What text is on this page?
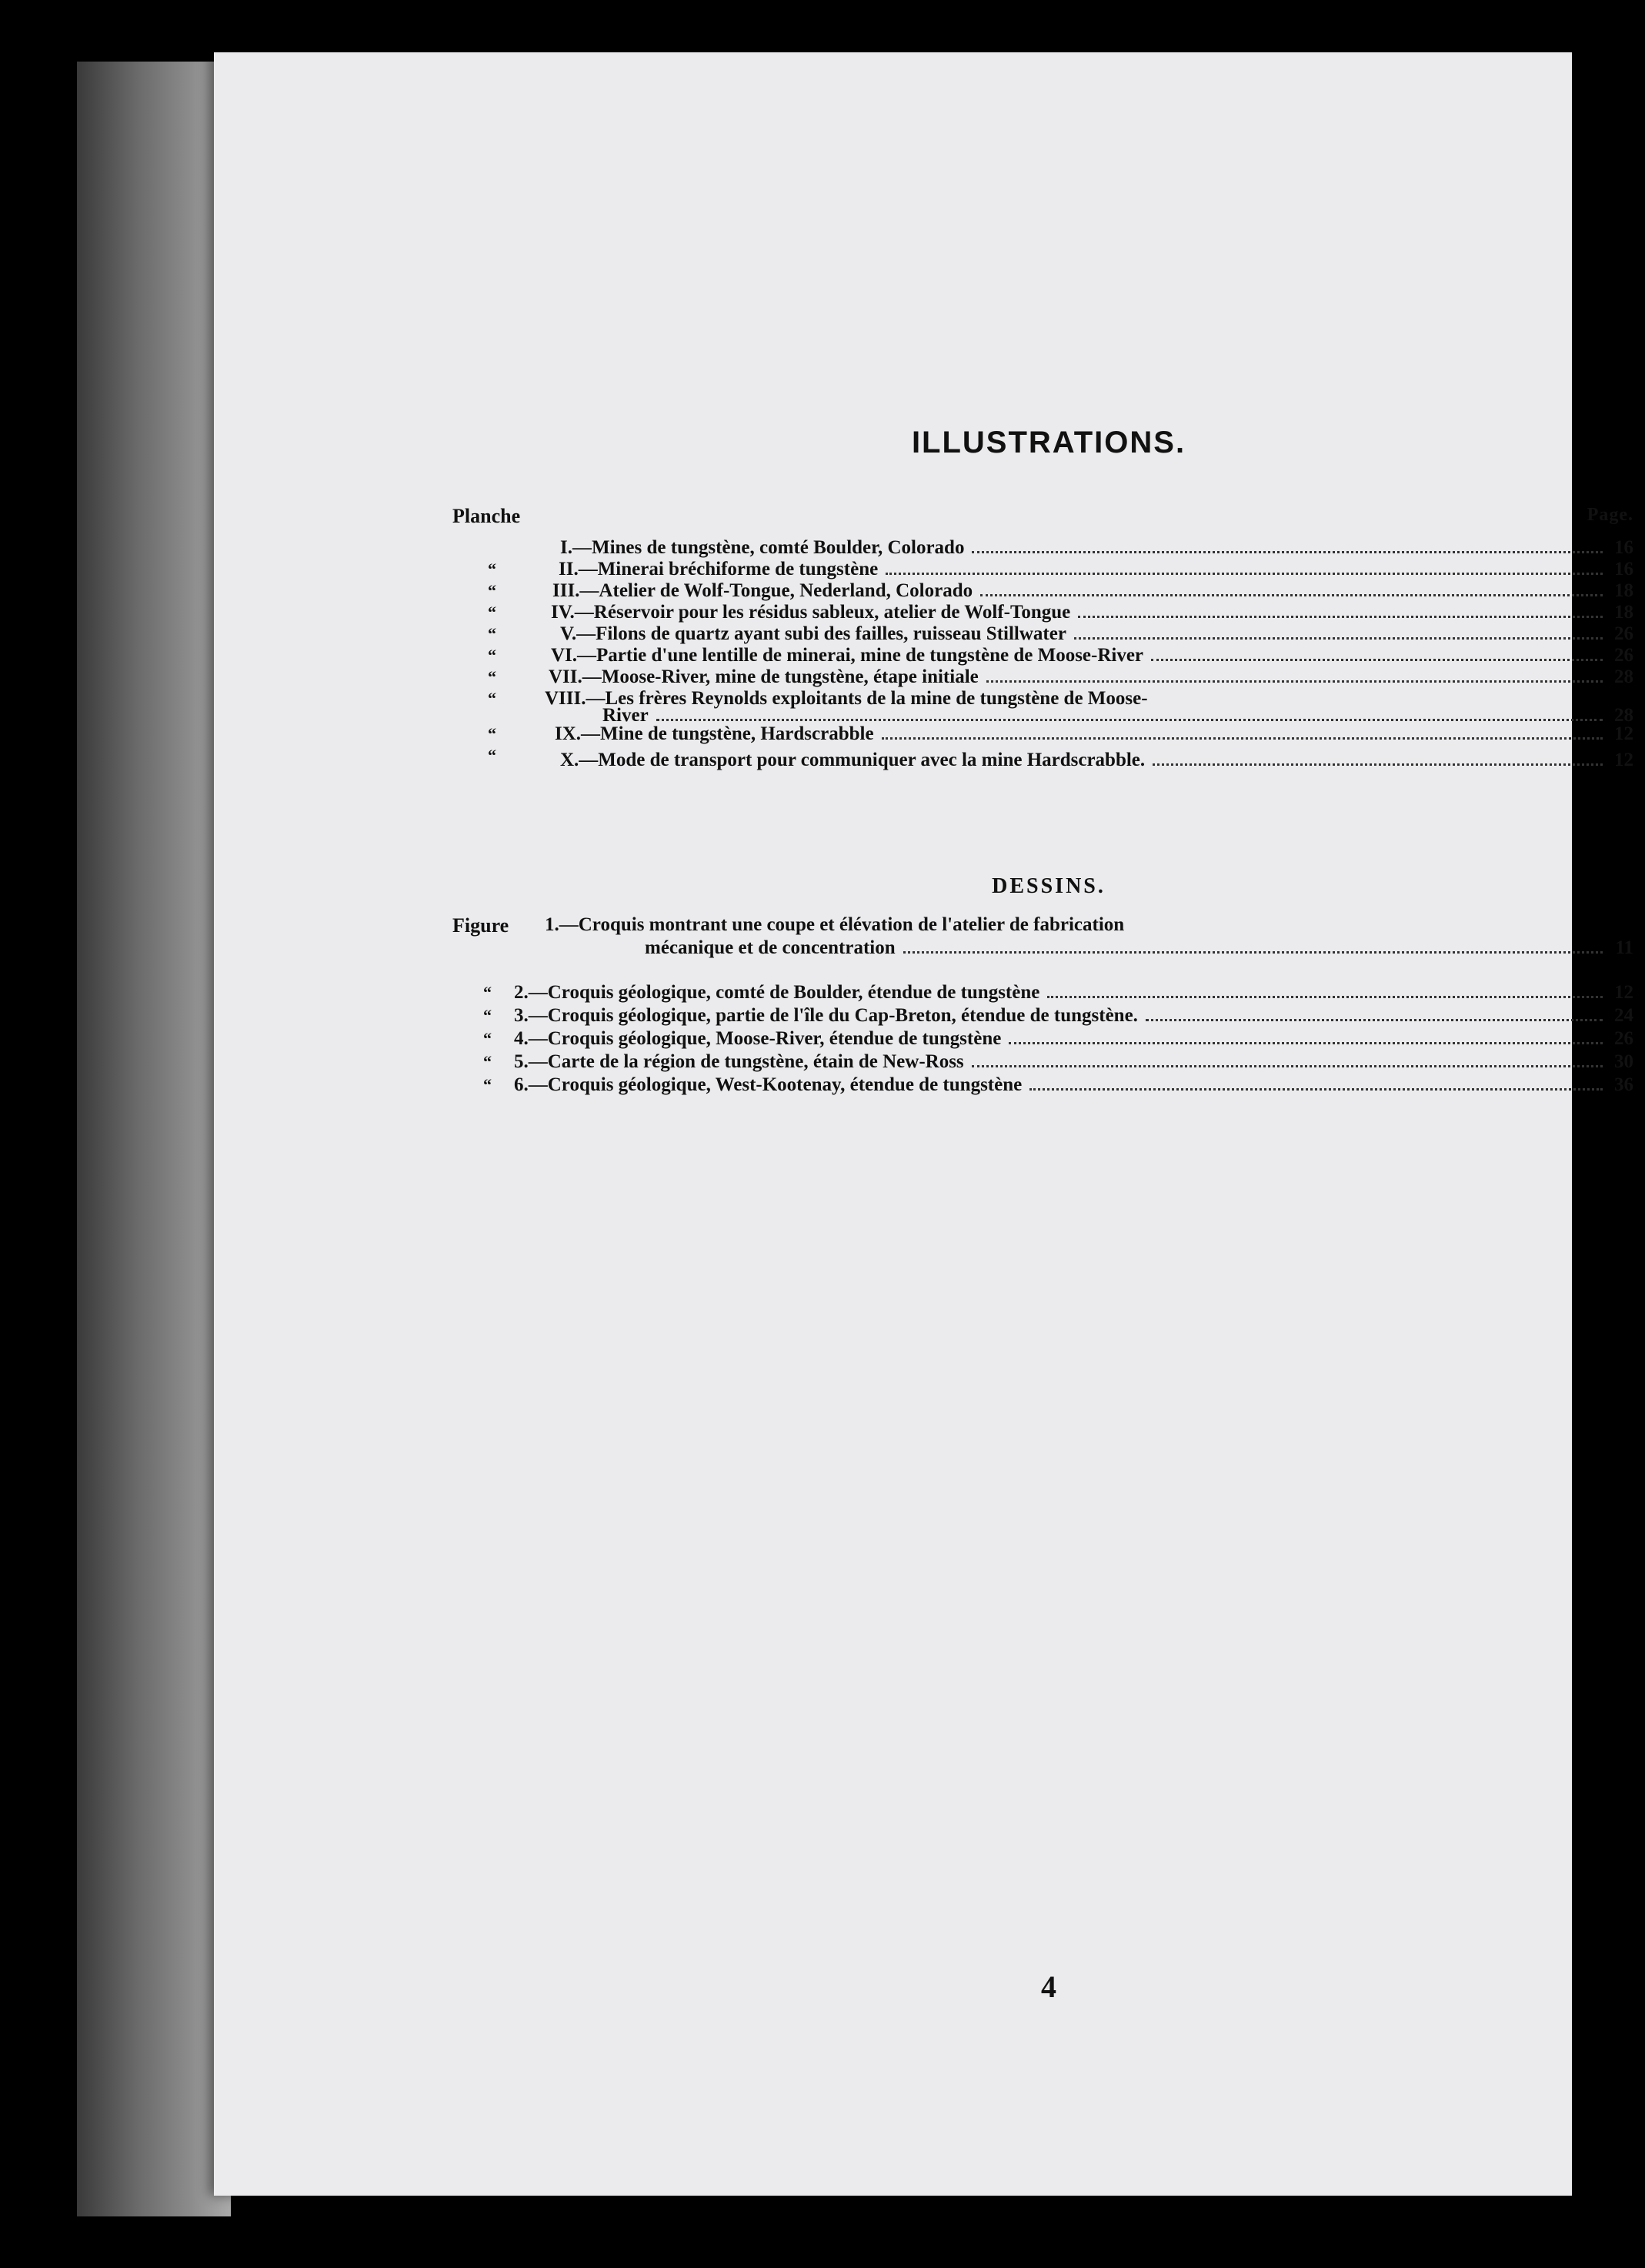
ILLUSTRATIONS.
Planche	Page.
I.—Mines de tungstène, comté Boulder, Colorado	16
“	II.—Minerai bréchiforme de tungstène	16
“	III.—Atelier de Wolf-Tongue, Nederland, Colorado	18
“	IV.—Réservoir pour les résidus sableux, atelier de Wolf-Tongue	18
“	V.—Filons de quartz ayant subi des failles, ruisseau Stillwater	26
“	VI.—Partie d'une lentille de minerai, mine de tungstène de Moose-River	26
“	VII.—Moose-River, mine de tungstène, étape initiale	28
“	VIII.—Les frères Reynolds exploitants de la mine de tungstène de Moose-
River	28
“	IX.—Mine de tungstène, Hardscrabble	12
“	X.—Mode de transport pour communiquer avec la mine Hardscrabble.	12
DESSINS.
Figure 1.—Croquis montrant une coupe et élévation de l'atelier de fabrication
mécanique et de concentration	11
“ 2.—Croquis géologique, comté de Boulder, étendue de tungstène	12
“ 3.—Croquis géologique, partie de l'île du Cap-Breton, étendue de tungstène.	24
“ 4.—Croquis géologique, Moose-River, étendue de tungstène	26
“ 5.—Carte de la région de tungstène, étain de New-Ross	30
“ 6.—Croquis géologique, West-Kootenay, étendue de tungstène	36
4
